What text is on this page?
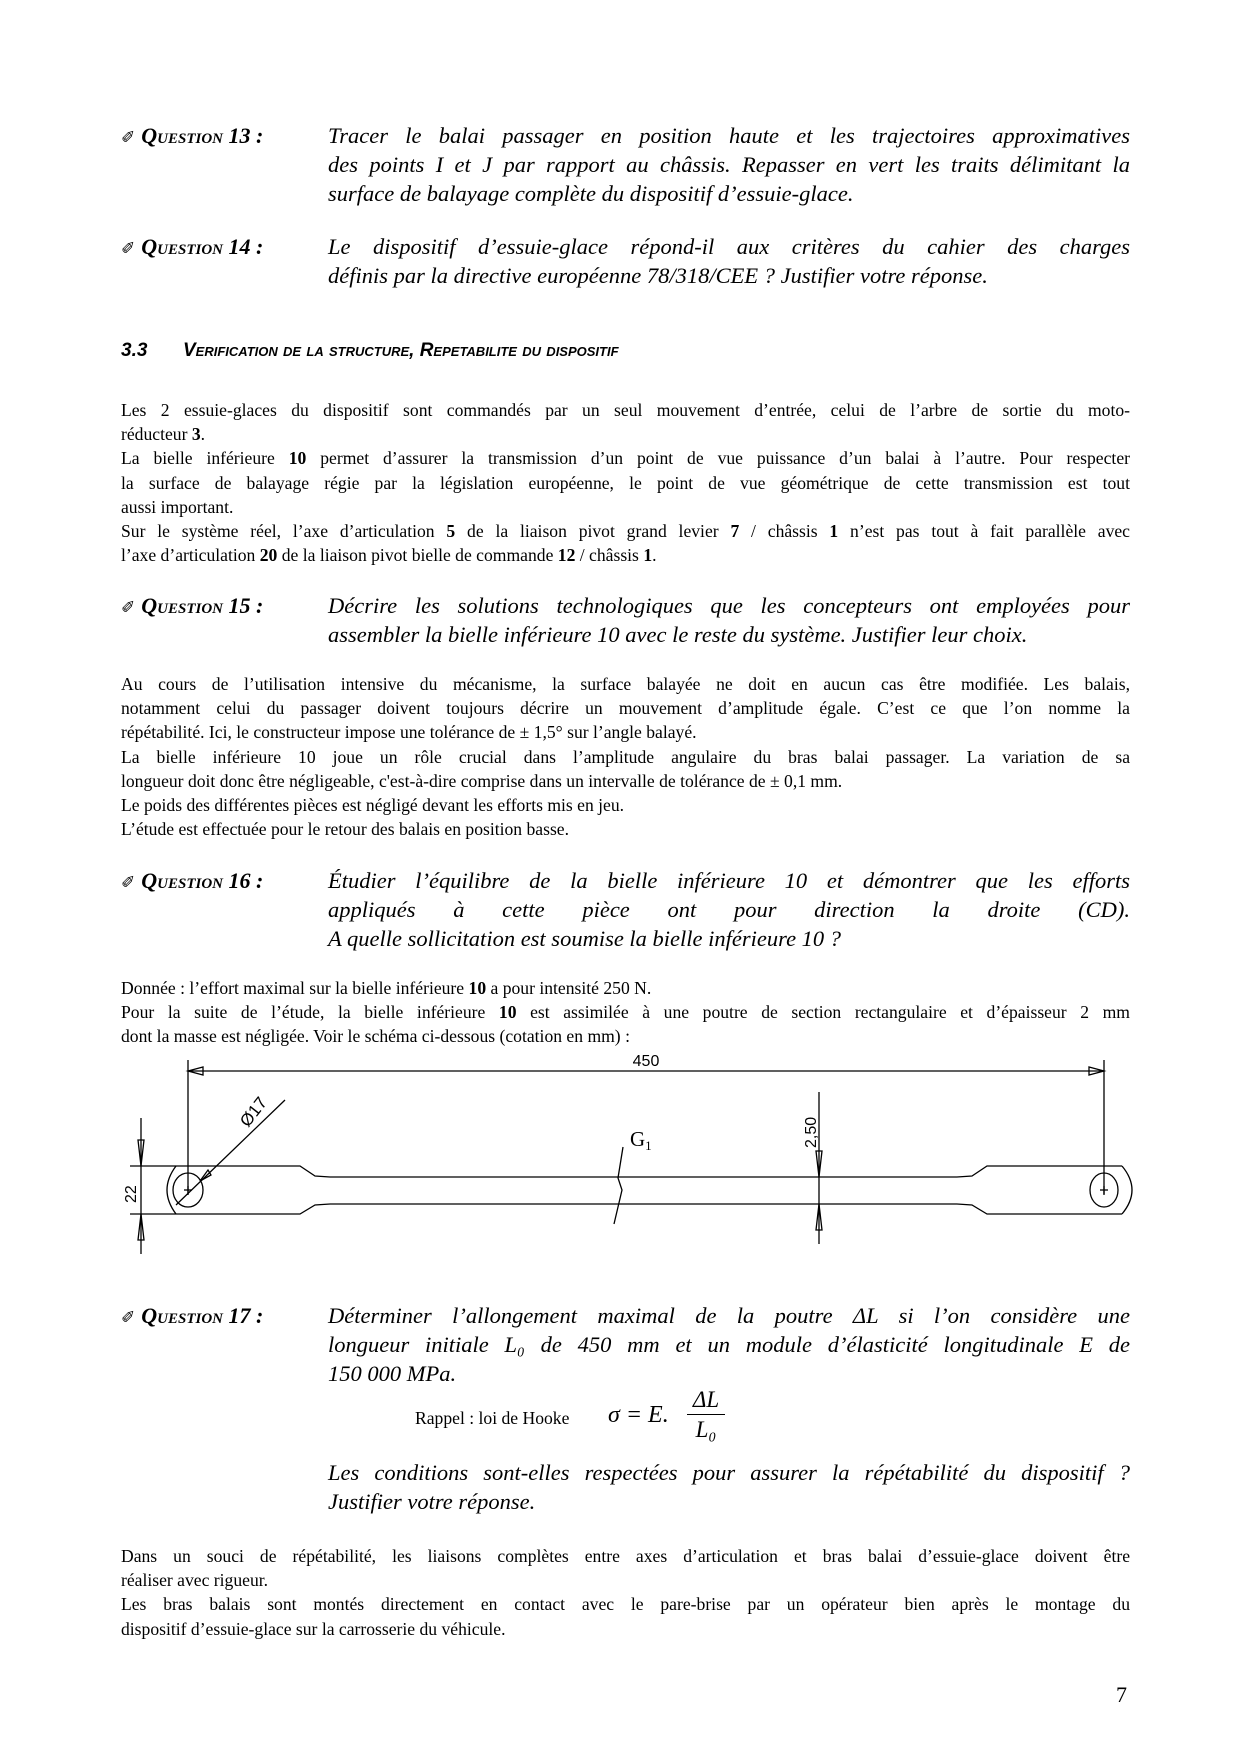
✐ Question 13 :	Tracer le balai passager en position haute et les trajectoires approximatives
des points I et J par rapport au châssis. Repasser en vert les traits délimitant la
surface de balayage complète du dispositif d’essuie-glace.
✐ Question 14 :	Le dispositif d’essuie-glace répond-il aux critères du cahier des charges
définis par la directive européenne 78/318/CEE ? Justifier votre réponse.
3.3 Verification de la structure, Repetabilite du dispositif
Les 2 essuie-glaces du dispositif sont commandés par un seul mouvement d’entrée, celui de l’arbre de sortie du moto-
réducteur 3.
La bielle inférieure 10 permet d’assurer la transmission d’un point de vue puissance d’un balai à l’autre. Pour respecter
la surface de balayage régie par la législation européenne, le point de vue géométrique de cette transmission est tout
aussi important.
Sur le système réel, l’axe d’articulation 5 de la liaison pivot grand levier 7 / châssis 1 n’est pas tout à fait parallèle avec
l’axe d’articulation 20 de la liaison pivot bielle de commande 12 / châssis 1.
✐ Question 15 :	Décrire les solutions technologiques que les concepteurs ont employées pour
assembler la bielle inférieure 10 avec le reste du système. Justifier leur choix.
Au cours de l’utilisation intensive du mécanisme, la surface balayée ne doit en aucun cas être modifiée. Les balais,
notamment celui du passager doivent toujours décrire un mouvement d’amplitude égale. C’est ce que l’on nomme la
répétabilité. Ici, le constructeur impose une tolérance de ± 1,5° sur l’angle balayé.
La bielle inférieure 10 joue un rôle crucial dans l’amplitude angulaire du bras balai passager. La variation de sa
longueur doit donc être négligeable, c'est-à-dire comprise dans un intervalle de tolérance de ± 0,1 mm.
Le poids des différentes pièces est négligé devant les efforts mis en jeu.
L’étude est effectuée pour le retour des balais en position basse.
✐ Question 16 :	Étudier l’équilibre de la bielle inférieure 10 et démontrer que les efforts
appliqués à cette pièce ont pour direction la droite (CD).
A quelle sollicitation est soumise la bielle inférieure 10 ?
Donnée : l’effort maximal sur la bielle inférieure 10 a pour intensité 250 N.
Pour la suite de l’étude, la bielle inférieure 10 est assimilée à une poutre de section rectangulaire et d’épaisseur 2 mm
dont la masse est négligée. Voir le schéma ci-dessous (cotation en mm) :
450
Ø17
22
2,50
G1
✐ Question 17 :	Déterminer l’allongement maximal de la poutre ΔL si l’on considère une
longueur initiale L₀ de 450 mm et un module d’élasticité longitudinale E de
150 000 MPa.
Rappel : loi de Hooke σ = E. $\frac{\Delta L}{\text{L₀}}$
Les conditions sont-elles respectées pour assurer la répétabilité du dispositif ?
Justifier votre réponse.
Dans un souci de répétabilité, les liaisons complètes entre axes d’articulation et bras balai d’essuie-glace doivent être
réaliser avec rigueur.
Les bras balais sont montés directement en contact avec le pare-brise par un opérateur bien après le montage du
dispositif d’essuie-glace sur la carrosserie du véhicule.
7
